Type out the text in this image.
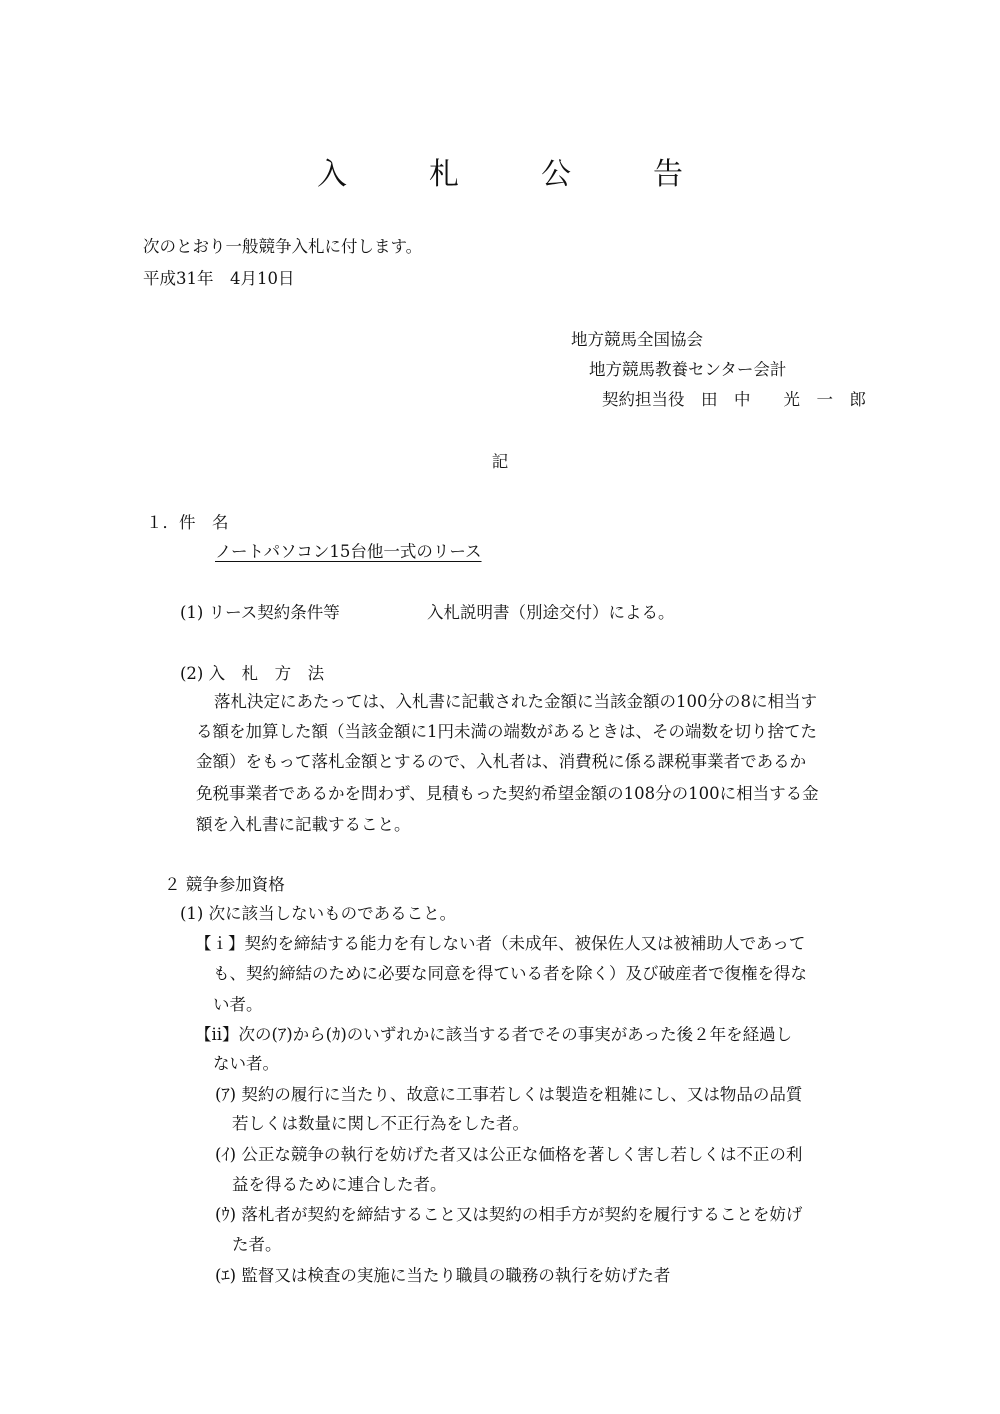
入　札　公　告
次のとおり一般競争入札に付します。
平成31年　4月10日
地方競馬全国協会
地方競馬教養センター会計
契約担当役　田　中　　光　一　郎
記
１．件　名
ノートパソコン15台他一式のリース
(1) リース契約条件等	入札説明書（別途交付）による。
(2) 入　札　方　法
落札決定にあたっては、入札書に記載された金額に当該金額の100分の8に相当す
る額を加算した額（当該金額に1円未満の端数があるときは、その端数を切り捨てた
金額）をもって落札金額とするので、入札者は、消費税に係る課税事業者であるか
免税事業者であるかを問わず、見積もった契約希望金額の108分の100に相当する金
額を入札書に記載すること。
２ 競争参加資格
(1) 次に該当しないものであること。
【ｉ】契約を締結する能力を有しない者（未成年、被保佐人又は被補助人であって
も、契約締結のために必要な同意を得ている者を除く）及び破産者で復権を得な
い者。
【ⅱ】次の(ｱ)から(ｶ)のいずれかに該当する者でその事実があった後２年を経過し
ない者。
(ｱ) 契約の履行に当たり、故意に工事若しくは製造を粗雑にし、又は物品の品質
若しくは数量に関し不正行為をした者。
(ｲ) 公正な競争の執行を妨げた者又は公正な価格を著しく害し若しくは不正の利
益を得るために連合した者。
(ｳ) 落札者が契約を締結すること又は契約の相手方が契約を履行することを妨げ
た者。
(ｴ) 監督又は検査の実施に当たり職員の職務の執行を妨げた者
